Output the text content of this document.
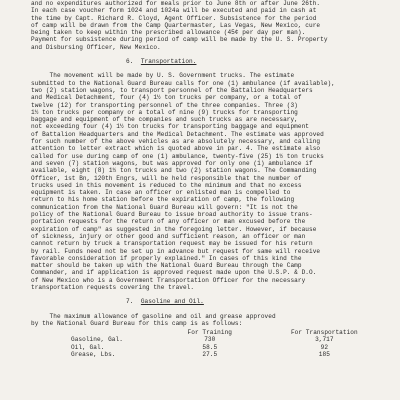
and no expenditures authorized for meals prior to June 8th or after June 26th.

In each case voucher form 1024 and 1024a will be executed and paid in cash at

the time by Capt. Richard R. Cloyd, Agent Officer. Subsistence for the period

of camp will be drawn from the Camp Quartermaster, Las Vegas, New Mexico, cure

being taken to keep within the prescribed allowance (45¢ per day per man).

Payment for subsistence during period of camp will be made by the U. S. Property

and Disbursing Officer, New Mexico.

6. Transportation.

The movement will be made by U. S. Government trucks. The estimate

submitted to the National Guard Bureau calls for one (1) ambulance (if available),

two (2) station wagons, to transport personnel of the Battalion Headquarters

and Medical Detachment, four (4) 1½ ton trucks per company, or a total of

twelve (12) for transporting personnel of the three companies. Three (3)

1½ ton trucks per company or a total of nine (9) trucks for transporting

baggage and equipment of the companies and such trucks as are necessary,

not exceeding four (4) 1½ ton trucks for transporting baggage and equipment

of Battalion Headquarters and the Medical Detachment. The estimate was approved

for such number of the above vehicles as are absolutely necessary, and calling

attention to letter extract which is quoted above in par. 4. The estimate also

called for use during camp of one (1) ambulance, twenty-five (25) 1½ ton trucks

and seven (7) station wagons, but was approved for only one (1) ambulance if

available, eight (8) 1½ ton trucks and two (2) station wagons. The Commanding

Officer, 1st Bn, 120th Engrs, will be held responsible that the number of

trucks used in this movement is reduced to the minimum and that no excess

equipment is taken. In case an officer or enlisted man is compelled to

return to his home station before the expiration of camp, the following

communication from the National Guard Bureau will govern: "It is not the

policy of the National Guard Bureau to issue broad authority to issue trans-

portation requests for the return of any officer or man excused before the

expiration of camp" as suggested in the foregoing letter. However, if because

of sickness, injury or other good and sufficient reason, an officer or man

cannot return by truck a transportation request may be issued for his return

by rail. Funds need not be set up in advance but request for same will receive

favorable consideration if properly explained." In cases of this kind the

matter should be taken up with the National Guard Bureau through the Camp

Commander, and if application is approved request made upon the U.S.P. & D.O.

of New Mexico who is a Government Transportation Officer for the necessary

transportation requests covering the travel.

7. Gasoline and Oil.

The maximum allowance of gasoline and oil and grease approved

by the National Guard Bureau for this camp is as follows:

	For Training	For Transportation
Gasoline, Gal.	730	3,717
Oil, Gal.	58.5	92
Grease, Lbs.	27.5	185
